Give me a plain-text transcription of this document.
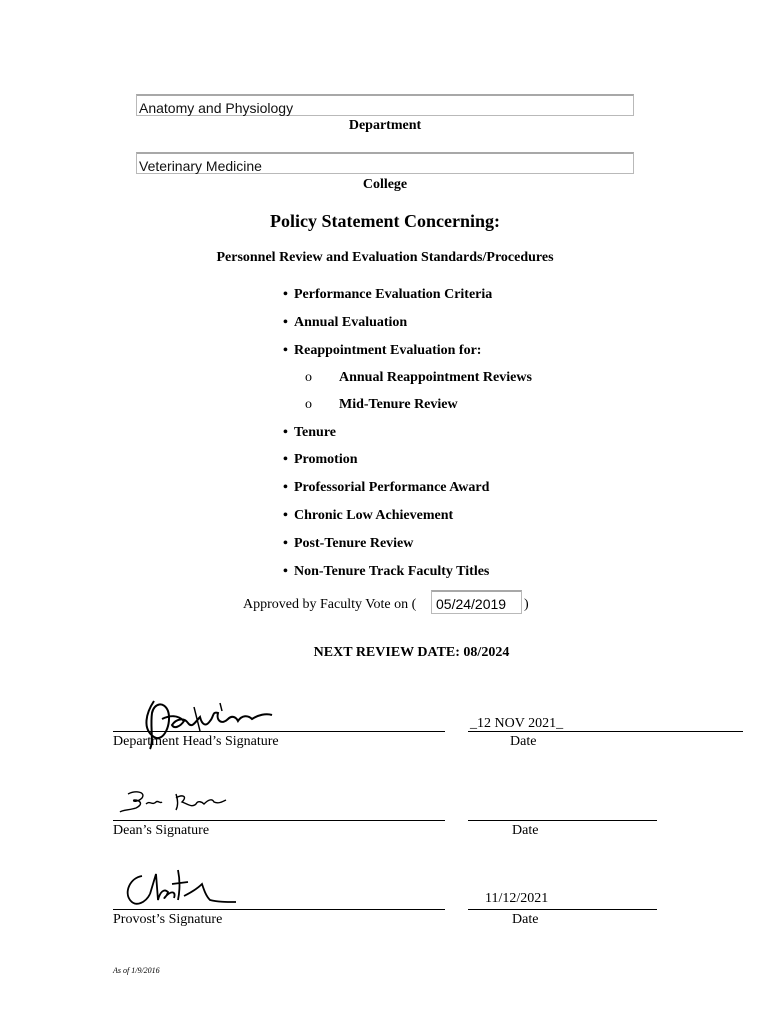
Anatomy and Physiology
Department
Veterinary Medicine
College
Policy Statement Concerning:
Personnel Review and Evaluation Standards/Procedures
• Performance Evaluation Criteria
• Annual Evaluation
• Reappointment Evaluation for:
o Annual Reappointment Reviews
o Mid-Tenure Review
• Tenure
• Promotion
• Professorial Performance Award
• Chronic Low Achievement
• Post-Tenure Review
• Non-Tenure Track Faculty Titles
Approved by Faculty Vote on (	05/24/2019	)
NEXT REVIEW DATE: 08/2024
Department Head’s Signature
_12 NOV 2021_
Date
Dean’s Signature	Date
Provost’s Signature
11/12/2021
Date
As of 1/9/2016
